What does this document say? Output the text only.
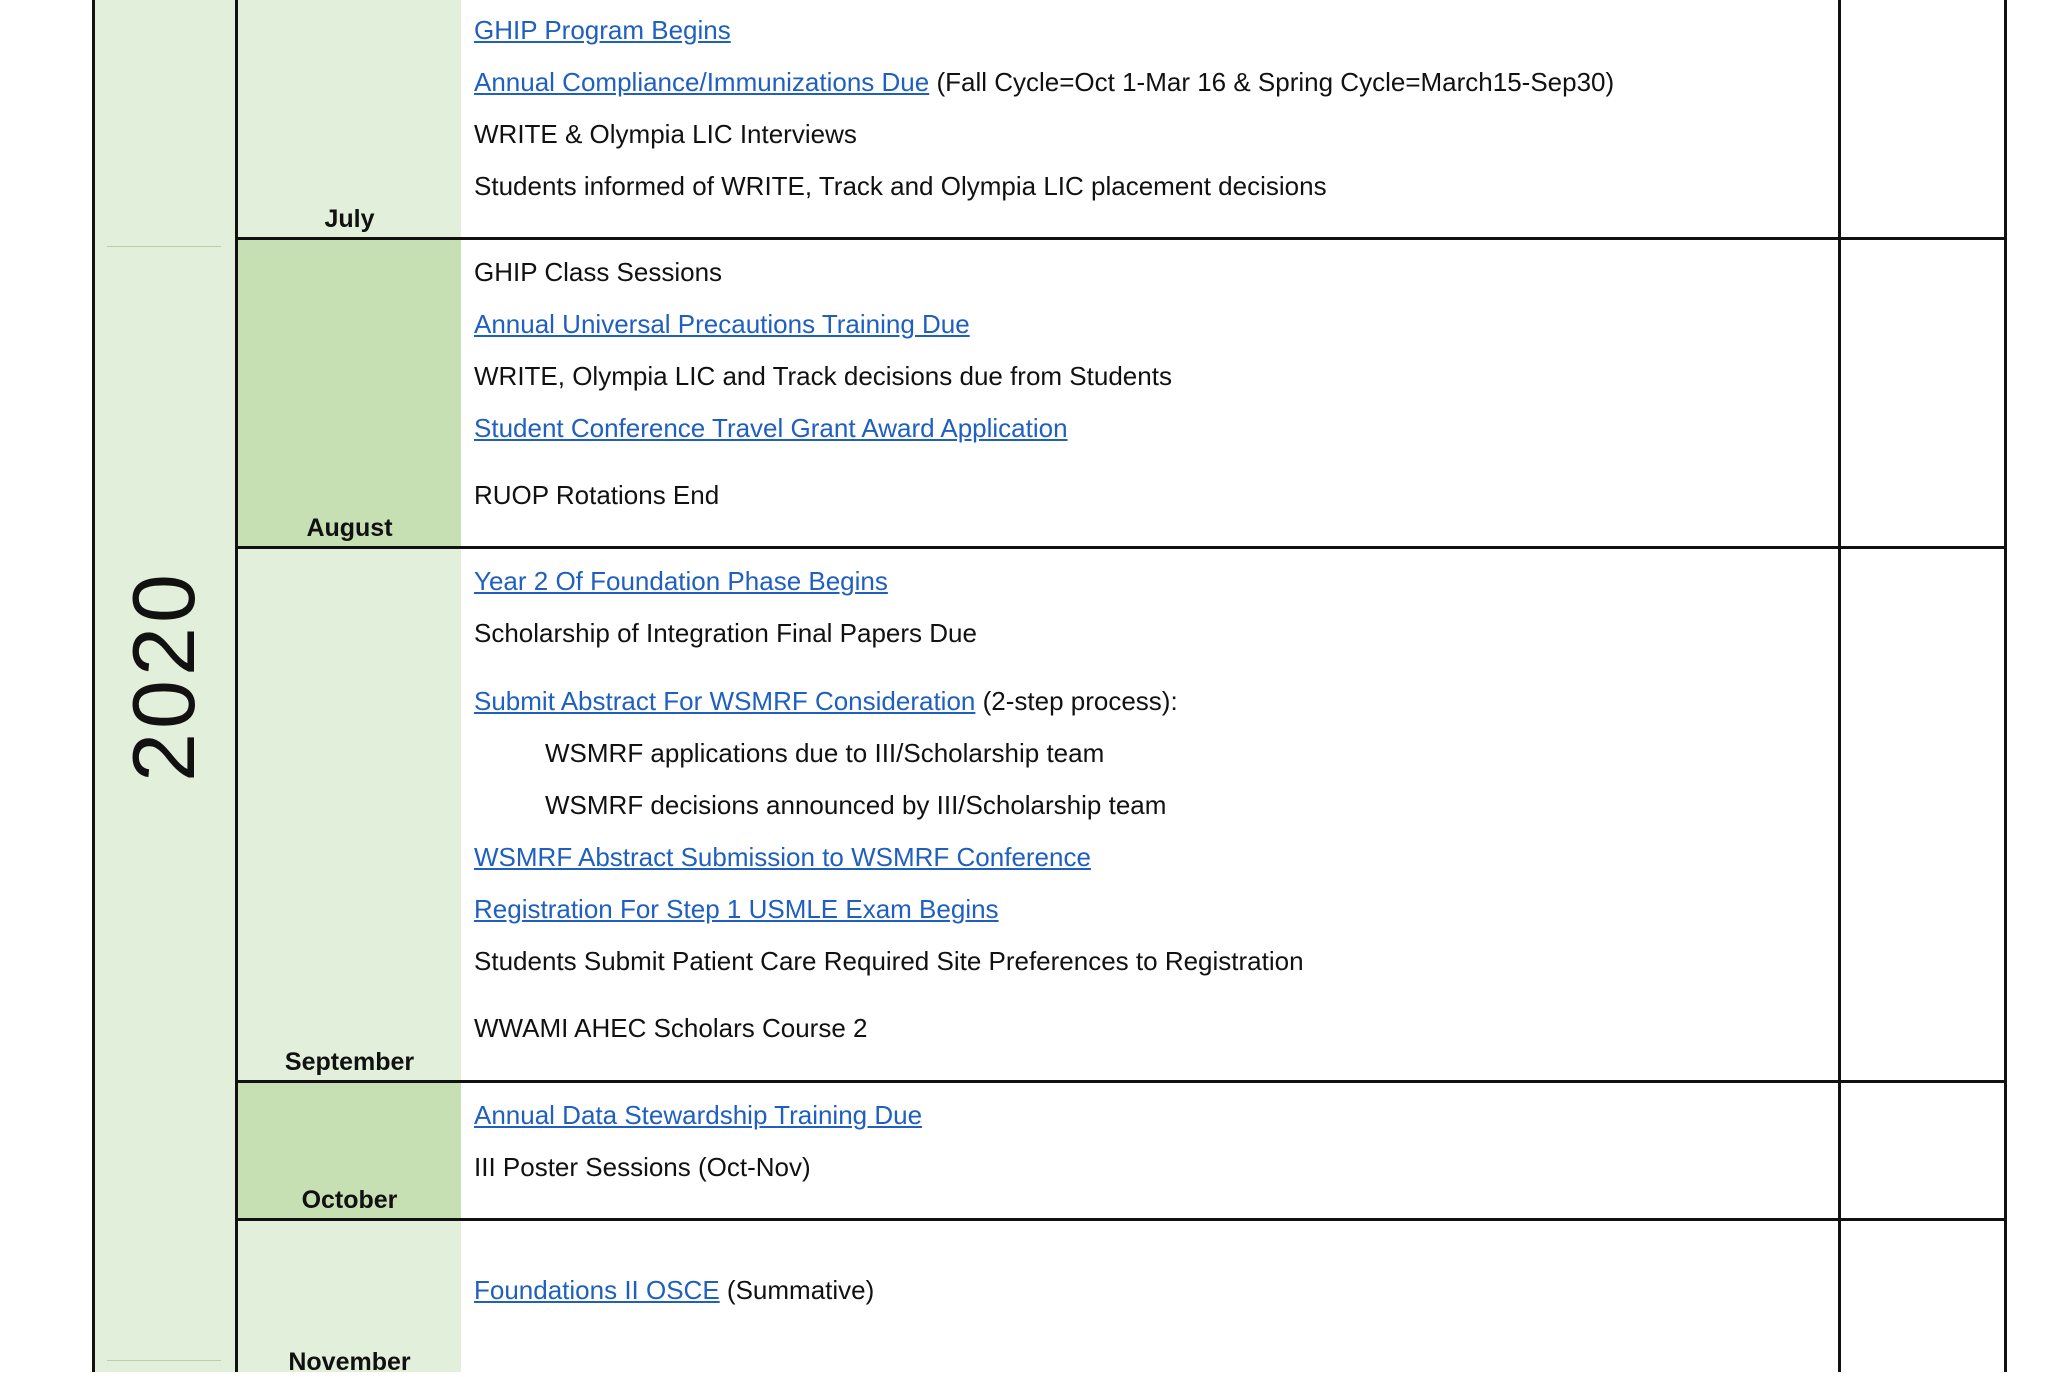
2020
July
August
September
October
November
GHIP Program Begins
Annual Compliance/Immunizations Due (Fall Cycle=Oct 1-Mar 16 & Spring Cycle=March15-Sep30)
WRITE & Olympia LIC Interviews
Students informed of WRITE, Track and Olympia LIC placement decisions
GHIP Class Sessions
Annual Universal Precautions Training Due
WRITE, Olympia LIC and Track decisions due from Students
Student Conference Travel Grant Award Application
RUOP Rotations End
Year 2 Of Foundation Phase Begins
Scholarship of Integration Final Papers Due
Submit Abstract For WSMRF Consideration (2-step process):
WSMRF applications due to III/Scholarship team
WSMRF decisions announced by III/Scholarship team
WSMRF Abstract Submission to WSMRF Conference
Registration For Step 1 USMLE Exam Begins
Students Submit Patient Care Required Site Preferences to Registration
WWAMI AHEC Scholars Course 2
Annual Data Stewardship Training Due
III Poster Sessions (Oct-Nov)
Foundations II OSCE (Summative)
